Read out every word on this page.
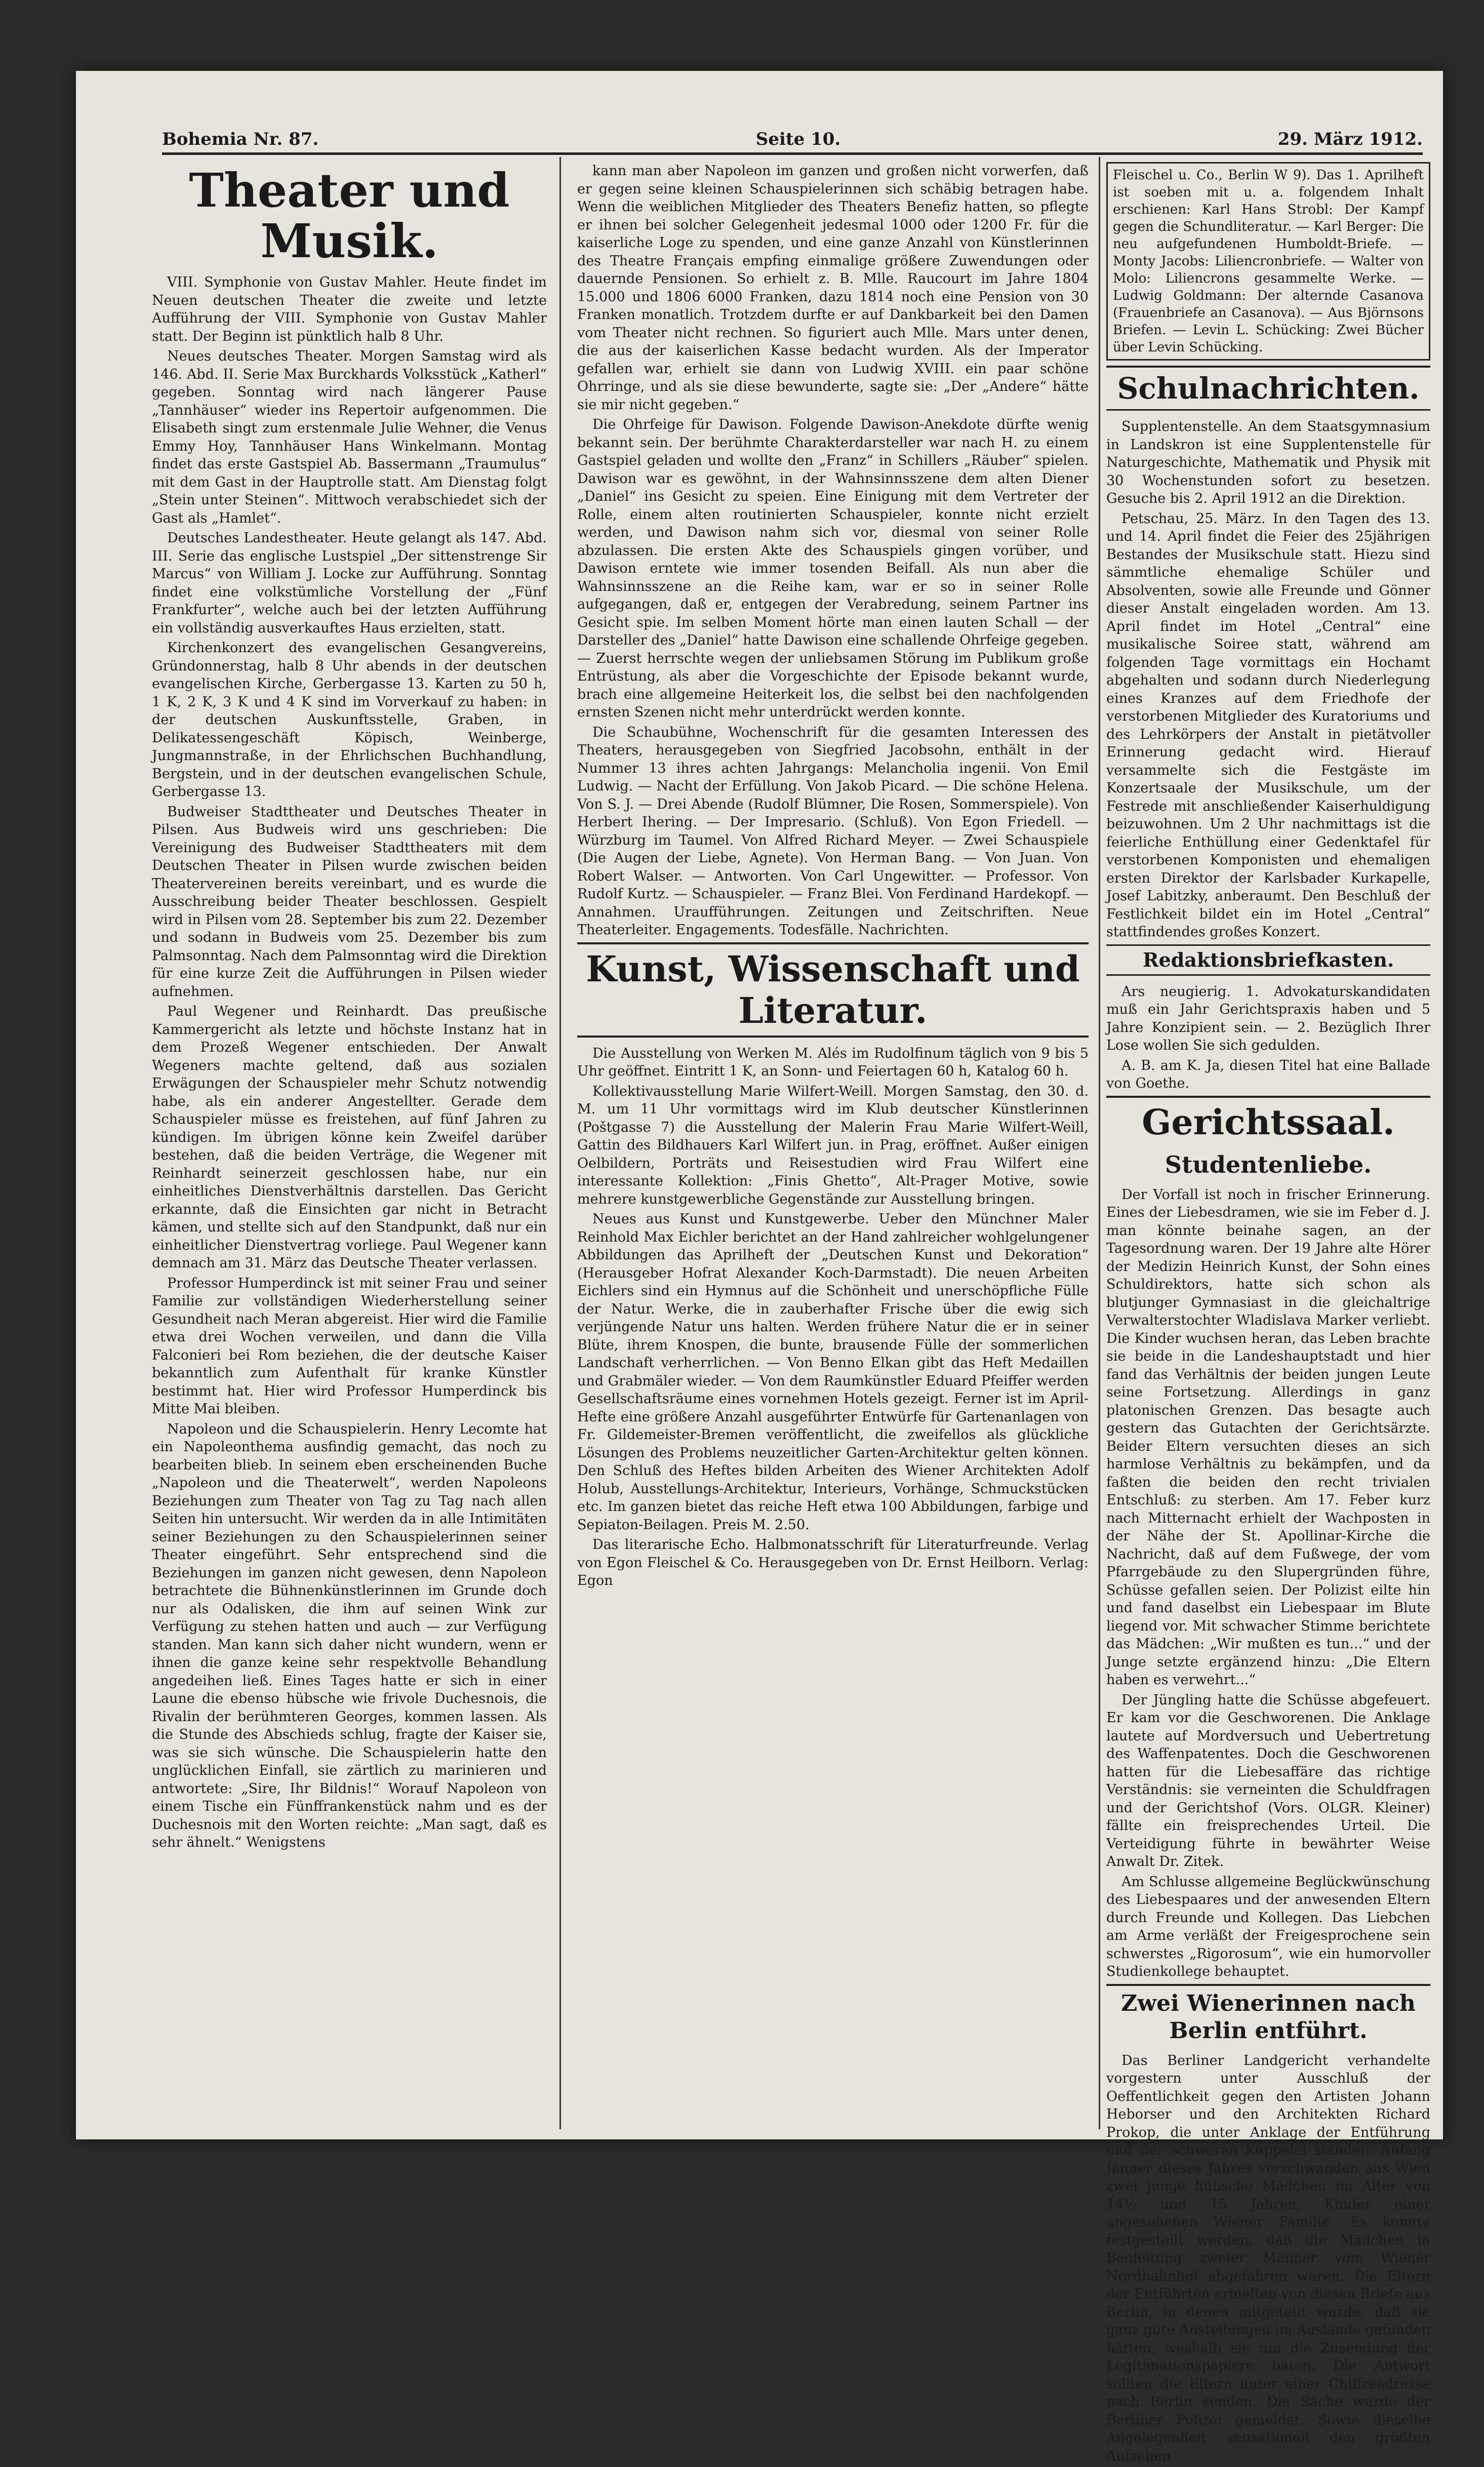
Bohemia Nr. 87.	Seite 10.	29. März 1912.
Theater und Musik.

VIII. Symphonie von Gustav Mahler. Heute findet im Neuen deutschen Theater die zweite und letzte Aufführung der VIII. Symphonie von Gustav Mahler statt. Der Beginn ist pünktlich halb 8 Uhr.

Neues deutsches Theater. Morgen Samstag wird als 146. Abd. II. Serie Max Burckhards Volksstück „Katherl“ gegeben. Sonntag wird nach längerer Pause „Tannhäuser“ wieder ins Repertoir aufgenommen. Die Elisabeth singt zum erstenmale Julie Wehner, die Venus Emmy Hoy, Tannhäuser Hans Winkelmann. Montag findet das erste Gastspiel Ab. Bassermann „Traumulus“ mit dem Gast in der Hauptrolle statt. Am Dienstag folgt „Stein unter Steinen“. Mittwoch verabschiedet sich der Gast als „Hamlet“.

Deutsches Landestheater. Heute gelangt als 147. Abd. III. Serie das englische Lustspiel „Der sittenstrenge Sir Marcus“ von William J. Locke zur Aufführung. Sonntag findet eine volkstümliche Vorstellung der „Fünf Frankfurter“, welche auch bei der letzten Aufführung ein vollständig ausverkauftes Haus erzielten, statt.

Kirchenkonzert des evangelischen Gesangvereins, Gründonnerstag, halb 8 Uhr abends in der deutschen evangelischen Kirche, Gerbergasse 13. Karten zu 50 h, 1 K, 2 K, 3 K und 4 K sind im Vorverkauf zu haben: in der deutschen Auskunftsstelle, Graben, in Delikatessengeschäft Köpisch, Weinberge, Jungmannstraße, in der Ehrlichschen Buchhandlung, Bergstein, und in der deutschen evangelischen Schule, Gerbergasse 13.

Budweiser Stadttheater und Deutsches Theater in Pilsen. Aus Budweis wird uns geschrieben: Die Vereinigung des Budweiser Stadttheaters mit dem Deutschen Theater in Pilsen wurde zwischen beiden Theatervereinen bereits vereinbart, und es wurde die Ausschreibung beider Theater beschlossen. Gespielt wird in Pilsen vom 28. September bis zum 22. Dezember und sodann in Budweis vom 25. Dezember bis zum Palmsonntag. Nach dem Palmsonntag wird die Direktion für eine kurze Zeit die Aufführungen in Pilsen wieder aufnehmen.

Paul Wegener und Reinhardt. Das preußische Kammergericht als letzte und höchste Instanz hat in dem Prozeß Wegener entschieden. Der Anwalt Wegeners machte geltend, daß aus sozialen Erwägungen der Schauspieler mehr Schutz notwendig habe, als ein anderer Angestellter. Gerade dem Schauspieler müsse es freistehen, auf fünf Jahren zu kündigen. Im übrigen könne kein Zweifel darüber bestehen, daß die beiden Verträge, die Wegener mit Reinhardt seinerzeit geschlossen habe, nur ein einheitliches Dienstverhältnis darstellen. Das Gericht erkannte, daß die Einsichten gar nicht in Betracht kämen, und stellte sich auf den Standpunkt, daß nur ein einheitlicher Dienstvertrag vorliege. Paul Wegener kann demnach am 31. März das Deutsche Theater verlassen.

Professor Humperdinck ist mit seiner Frau und seiner Familie zur vollständigen Wiederherstellung seiner Gesundheit nach Meran abgereist. Hier wird die Familie etwa drei Wochen verweilen, und dann die Villa Falconieri bei Rom beziehen, die der deutsche Kaiser bekanntlich zum Aufenthalt für kranke Künstler bestimmt hat. Hier wird Professor Humperdinck bis Mitte Mai bleiben.

Napoleon und die Schauspielerin. Henry Lecomte hat ein Napoleonthema ausfindig gemacht, das noch zu bearbeiten blieb. In seinem eben erscheinenden Buche „Napoleon und die Theaterwelt“, werden Napoleons Beziehungen zum Theater von Tag zu Tag nach allen Seiten hin untersucht. Wir werden da in alle Intimitäten seiner Beziehungen zu den Schauspielerinnen seiner Theater eingeführt. Sehr entsprechend sind die Beziehungen im ganzen nicht gewesen, denn Napoleon betrachtete die Bühnenkünstlerinnen im Grunde doch nur als Odalisken, die ihm auf seinen Wink zur Verfügung zu stehen hatten und auch — zur Verfügung standen. Man kann sich daher nicht wundern, wenn er ihnen die ganze keine sehr respektvolle Behandlung angedeihen ließ. Eines Tages hatte er sich in einer Laune die ebenso hübsche wie frivole Duchesnois, die Rivalin der berühmteren Georges, kommen lassen. Als die Stunde des Abschieds schlug, fragte der Kaiser sie, was sie sich wünsche. Die Schauspielerin hatte den unglücklichen Einfall, sie zärtlich zu marinieren und antwortete: „Sire, Ihr Bildnis!“ Worauf Napoleon von einem Tische ein Fünffrankenstück nahm und es der Duchesnois mit den Worten reichte: „Man sagt, daß es sehr ähnelt.“ Wenigstens

kann man aber Napoleon im ganzen und großen nicht vorwerfen, daß er gegen seine kleinen Schauspielerinnen sich schäbig betragen habe. Wenn die weiblichen Mitglieder des Theaters Benefiz hatten, so pflegte er ihnen bei solcher Gelegenheit jedesmal 1000 oder 1200 Fr. für die kaiserliche Loge zu spenden, und eine ganze Anzahl von Künstlerinnen des Theatre Français empfing einmalige größere Zuwendungen oder dauernde Pensionen. So erhielt z. B. Mlle. Raucourt im Jahre 1804 15.000 und 1806 6000 Franken, dazu 1814 noch eine Pension von 30 Franken monatlich. Trotzdem durfte er auf Dankbarkeit bei den Damen vom Theater nicht rechnen. So figuriert auch Mlle. Mars unter denen, die aus der kaiserlichen Kasse bedacht wurden. Als der Imperator gefallen war, erhielt sie dann von Ludwig XVIII. ein paar schöne Ohrringe, und als sie diese bewunderte, sagte sie: „Der „Andere“ hätte sie mir nicht gegeben.“

Die Ohrfeige für Dawison. Folgende Dawison-Anekdote dürfte wenig bekannt sein. Der berühmte Charakterdarsteller war nach H. zu einem Gastspiel geladen und wollte den „Franz“ in Schillers „Räuber“ spielen. Dawison war es gewöhnt, in der Wahnsinnsszene dem alten Diener „Daniel“ ins Gesicht zu speien. Eine Einigung mit dem Vertreter der Rolle, einem alten routinierten Schauspieler, konnte nicht erzielt werden, und Dawison nahm sich vor, diesmal von seiner Rolle abzulassen. Die ersten Akte des Schauspiels gingen vorüber, und Dawison erntete wie immer tosenden Beifall. Als nun aber die Wahnsinnsszene an die Reihe kam, war er so in seiner Rolle aufgegangen, daß er, entgegen der Verabredung, seinem Partner ins Gesicht spie. Im selben Moment hörte man einen lauten Schall — der Darsteller des „Daniel“ hatte Dawison eine schallende Ohrfeige gegeben. — Zuerst herrschte wegen der unliebsamen Störung im Publikum große Entrüstung, als aber die Vorgeschichte der Episode bekannt wurde, brach eine allgemeine Heiterkeit los, die selbst bei den nachfolgenden ernsten Szenen nicht mehr unterdrückt werden konnte.

Die Schaubühne, Wochenschrift für die gesamten Interessen des Theaters, herausgegeben von Siegfried Jacobsohn, enthält in der Nummer 13 ihres achten Jahrgangs: Melancholia ingenii. Von Emil Ludwig. — Nacht der Erfüllung. Von Jakob Picard. — Die schöne Helena. Von S. J. — Drei Abende (Rudolf Blümner, Die Rosen, Sommerspiele). Von Herbert Ihering. — Der Impresario. (Schluß). Von Egon Friedell. — Würzburg im Taumel. Von Alfred Richard Meyer. — Zwei Schauspiele (Die Augen der Liebe, Agnete). Von Herman Bang. — Von Juan. Von Robert Walser. — Antworten. Von Carl Ungewitter. — Professor. Von Rudolf Kurtz. — Schauspieler. — Franz Blei. Von Ferdinand Hardekopf. — Annahmen. Uraufführungen. Zeitungen und Zeitschriften. Neue Theaterleiter. Engagements. Todesfälle. Nachrichten.

Kunst, Wissenschaft und Literatur.

Die Ausstellung von Werken M. Alés im Rudolfinum täglich von 9 bis 5 Uhr geöffnet. Eintritt 1 K, an Sonn- und Feiertagen 60 h, Katalog 60 h.

Kollektivausstellung Marie Wilfert-Weill. Morgen Samstag, den 30. d. M. um 11 Uhr vormittags wird im Klub deutscher Künstlerinnen (Poštgasse 7) die Ausstellung der Malerin Frau Marie Wilfert-Weill, Gattin des Bildhauers Karl Wilfert jun. in Prag, eröffnet. Außer einigen Oelbildern, Porträts und Reisestudien wird Frau Wilfert eine interessante Kollektion: „Finis Ghetto“, Alt-Prager Motive, sowie mehrere kunstgewerbliche Gegenstände zur Ausstellung bringen.

Neues aus Kunst und Kunstgewerbe. Ueber den Münchner Maler Reinhold Max Eichler berichtet an der Hand zahlreicher wohlgelungener Abbildungen das Aprilheft der „Deutschen Kunst und Dekoration“ (Herausgeber Hofrat Alexander Koch-Darmstadt). Die neuen Arbeiten Eichlers sind ein Hymnus auf die Schönheit und unerschöpfliche Fülle der Natur. Werke, die in zauberhafter Frische über die ewig sich verjüngende Natur uns halten. Werden frühere Natur die er in seiner Blüte, ihrem Knospen, die bunte, brausende Fülle der sommerlichen Landschaft verherrlichen. — Von Benno Elkan gibt das Heft Medaillen und Grabmäler wieder. — Von dem Raumkünstler Eduard Pfeiffer werden Gesellschaftsräume eines vornehmen Hotels gezeigt. Ferner ist im April-Hefte eine größere Anzahl ausgeführter Entwürfe für Gartenanlagen von Fr. Gildemeister-Bremen veröffentlicht, die zweifellos als glückliche Lösungen des Problems neuzeitlicher Garten-Architektur gelten können. Den Schluß des Heftes bilden Arbeiten des Wiener Architekten Adolf Holub, Ausstellungs-Architektur, Interieurs, Vorhänge, Schmuckstücken etc. Im ganzen bietet das reiche Heft etwa 100 Abbildungen, farbige und Sepiaton-Beilagen. Preis M. 2.50.

Das literarische Echo. Halbmonatsschrift für Literaturfreunde. Verlag von Egon Fleischel & Co. Herausgegeben von Dr. Ernst Heilborn. Verlag: Egon

Fleischel u. Co., Berlin W 9). Das 1. Aprilheft ist soeben mit u. a. folgendem Inhalt erschienen: Karl Hans Strobl: Der Kampf gegen die Schundliteratur. — Karl Berger: Die neu aufgefundenen Humboldt-Briefe. — Monty Jacobs: Liliencronbriefe. — Walter von Molo: Liliencrons gesammelte Werke. — Ludwig Goldmann: Der alternde Casanova (Frauenbriefe an Casanova). — Aus Björnsons Briefen. — Levin L. Schücking: Zwei Bücher über Levin Schücking.
Schulnachrichten.

Supplentenstelle. An dem Staatsgymnasium in Landskron ist eine Supplentenstelle für Naturgeschichte, Mathematik und Physik mit 30 Wochenstunden sofort zu besetzen. Gesuche bis 2. April 1912 an die Direktion.

Petschau, 25. März. In den Tagen des 13. und 14. April findet die Feier des 25jährigen Bestandes der Musikschule statt. Hiezu sind sämmtliche ehemalige Schüler und Absolventen, sowie alle Freunde und Gönner dieser Anstalt eingeladen worden. Am 13. April findet im Hotel „Central“ eine musikalische Soiree statt, während am folgenden Tage vormittags ein Hochamt abgehalten und sodann durch Niederlegung eines Kranzes auf dem Friedhofe der verstorbenen Mitglieder des Kuratoriums und des Lehrkörpers der Anstalt in pietätvoller Erinnerung gedacht wird. Hierauf versammelte sich die Festgäste im Konzertsaale der Musikschule, um der Festrede mit anschließender Kaiserhuldigung beizuwohnen. Um 2 Uhr nachmittags ist die feierliche Enthüllung einer Gedenktafel für verstorbenen Komponisten und ehemaligen ersten Direktor der Karlsbader Kurkapelle, Josef Labitzky, anberaumt. Den Beschluß der Festlichkeit bildet ein im Hotel „Central“ stattfindendes großes Konzert.

Redaktionsbriefkasten.

Ars neugierig. 1. Advokaturskandidaten muß ein Jahr Gerichtspraxis haben und 5 Jahre Konzipient sein. — 2. Bezüglich Ihrer Lose wollen Sie sich gedulden.

A. B. am K. Ja, diesen Titel hat eine Ballade von Goethe.

Gerichtssaal.
Studentenliebe.

Der Vorfall ist noch in frischer Erinnerung. Eines der Liebesdramen, wie sie im Feber d. J. man könnte beinahe sagen, an der Tagesordnung waren. Der 19 Jahre alte Hörer der Medizin Heinrich Kunst, der Sohn eines Schuldirektors, hatte sich schon als blutjunger Gymnasiast in die gleichaltrige Verwalterstochter Wladislava Marker verliebt. Die Kinder wuchsen heran, das Leben brachte sie beide in die Landeshauptstadt und hier fand das Verhältnis der beiden jungen Leute seine Fortsetzung. Allerdings in ganz platonischen Grenzen. Das besagte auch gestern das Gutachten der Gerichtsärzte. Beider Eltern versuchten dieses an sich harmlose Verhältnis zu bekämpfen, und da faßten die beiden den recht trivialen Entschluß: zu sterben. Am 17. Feber kurz nach Mitternacht erhielt der Wachposten in der Nähe der St. Apollinar-Kirche die Nachricht, daß auf dem Fußwege, der vom Pfarrgebäude zu den Slupergründen führe, Schüsse gefallen seien. Der Polizist eilte hin und fand daselbst ein Liebespaar im Blute liegend vor. Mit schwacher Stimme berichtete das Mädchen: „Wir mußten es tun...“ und der Junge setzte ergänzend hinzu: „Die Eltern haben es verwehrt...“

Der Jüngling hatte die Schüsse abgefeuert. Er kam vor die Geschworenen. Die Anklage lautete auf Mordversuch und Uebertretung des Waffenpatentes. Doch die Geschworenen hatten für die Liebesaffäre das richtige Verständnis: sie verneinten die Schuldfragen und der Gerichtshof (Vors. OLGR. Kleiner) fällte ein freisprechendes Urteil. Die Verteidigung führte in bewährter Weise Anwalt Dr. Zitek.

Am Schlusse allgemeine Beglückwünschung des Liebespaares und der anwesenden Eltern durch Freunde und Kollegen. Das Liebchen am Arme verläßt der Freigesprochene sein schwerstes „Rigorosum“, wie ein humorvoller Studienkollege behauptet.

Zwei Wienerinnen nach Berlin entführt.

Das Berliner Landgericht verhandelte vorgestern unter Ausschluß der Oeffentlichkeit gegen den Artisten Johann Heborser und den Architekten Richard Prokop, die unter Anklage der Entführung und der schweren Kuppelei standen. Anfang Jänner dieses Jahres verschwanden aus Wien zwei junge hübsche Mädchen im Alter von 14½ und 15 Jahren, Kinder einer angesehenen Wiener Familie. Es konnte festgestellt werden, daß die Mädchen in Begleitung zweier Männer vom Wiener Nordbahnhof abgefahren waren. Die Eltern der Entführten erhielten von diesen Briefe aus Berlin, in denen mitgeteilt wurde, daß sie ganz gute Anstellungen im Auslande gefunden hätten, weshalb sie um die Zusendung der Legitimationspapiere baten. Die Antwort sollten die Eltern unter einer Chiffreadresse nach Berlin senden. Die Sache wurde der Berliner Polizei gemeldet. Sowie dieselbe Angelegenheit sensationell den größten Aufsehen
